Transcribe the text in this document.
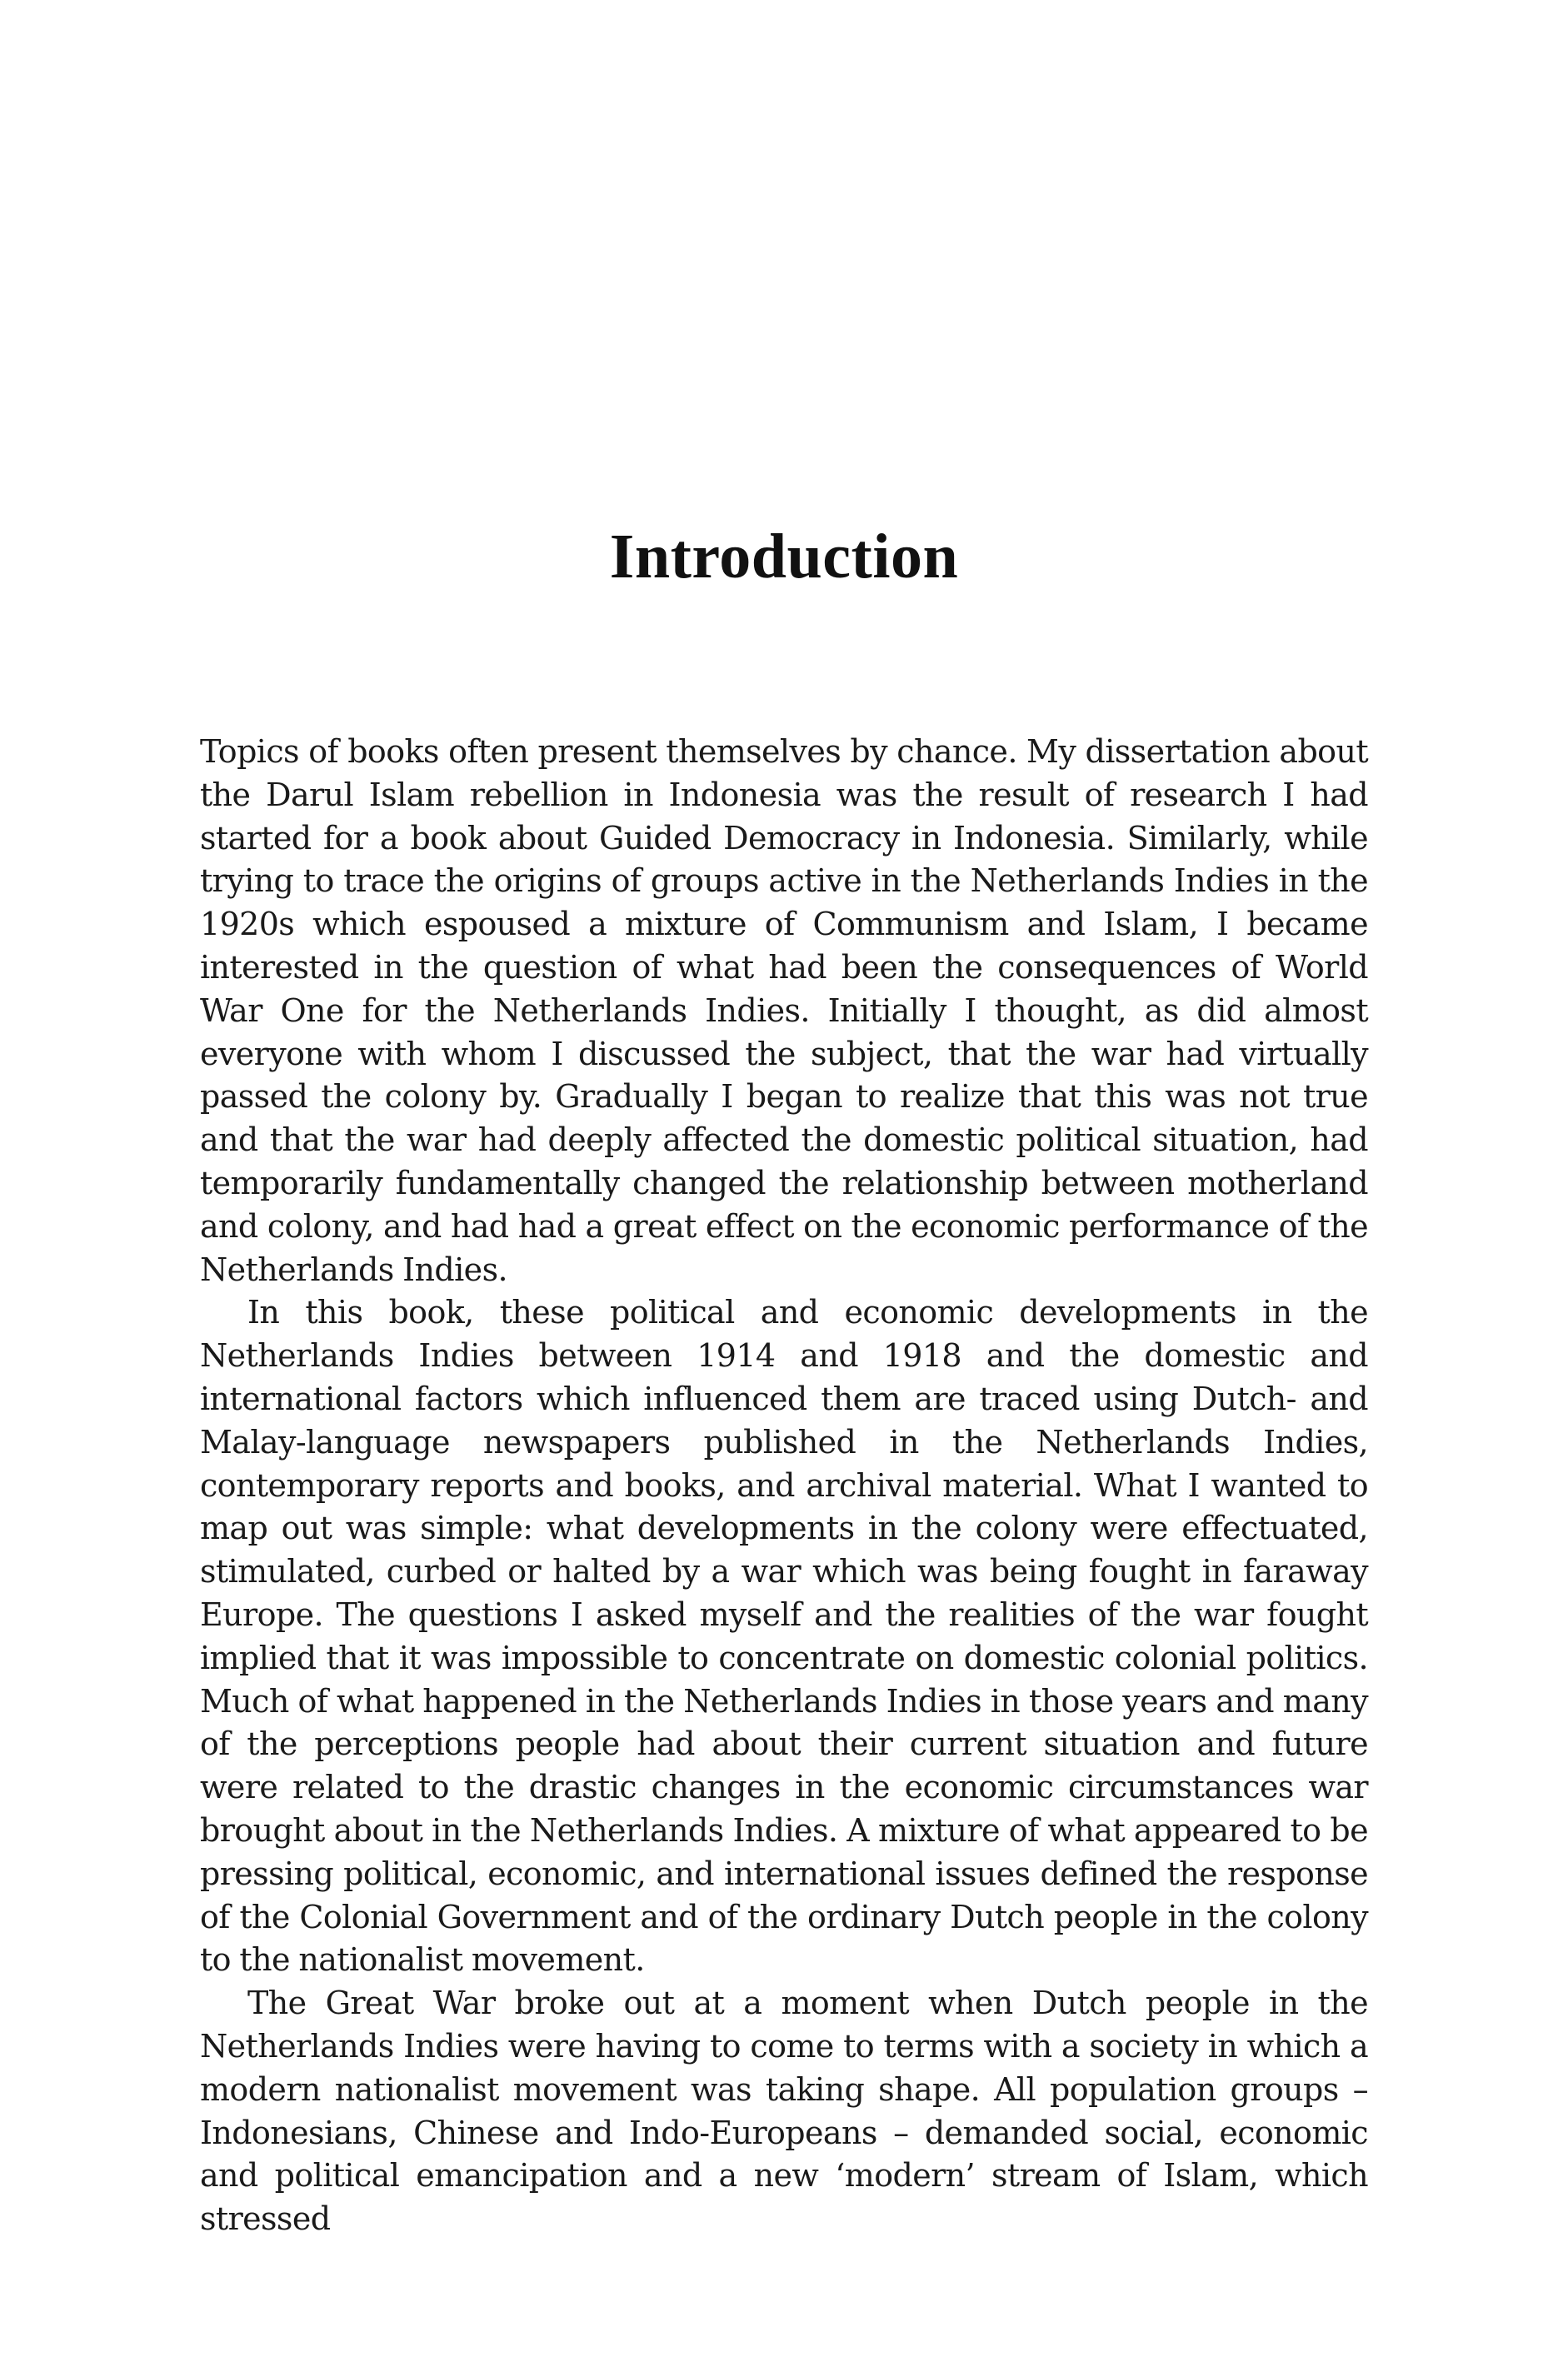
Introduction

Topics of books often present themselves by chance. My dissertation about the Darul Islam rebellion in Indonesia was the result of research I had started for a book about Guided Democracy in Indonesia. Similarly, while trying to trace the origins of groups active in the Netherlands Indies in the 1920s which espoused a mixture of Communism and Islam, I became interested in the question of what had been the consequences of World War One for the Netherlands Indies. Initially I thought, as did almost everyone with whom I discussed the subject, that the war had virtually passed the colony by. Gradually I began to realize that this was not true and that the war had deeply affected the domestic political situation, had temporarily fundamentally changed the relationship between motherland and colony, and had had a great effect on the economic performance of the Netherlands Indies.

In this book, these political and economic developments in the Netherlands Indies between 1914 and 1918 and the domestic and international factors which influenced them are traced using Dutch- and Malay-language newspapers published in the Netherlands Indies, contemporary reports and books, and archival material. What I wanted to map out was simple: what developments in the colony were effectuated, stimulated, curbed or halted by a war which was being fought in faraway Europe. The questions I asked myself and the realities of the war fought implied that it was impossible to concentrate on domestic colonial politics. Much of what happened in the Netherlands Indies in those years and many of the perceptions people had about their current situation and future were related to the drastic changes in the economic circumstances war brought about in the Netherlands Indies. A mixture of what appeared to be pressing political, economic, and international issues defined the response of the Colonial Government and of the ordinary Dutch people in the colony to the nationalist movement.

The Great War broke out at a moment when Dutch people in the Netherlands Indies were having to come to terms with a society in which a modern nationalist movement was taking shape. All population groups – Indonesians, Chinese and Indo-Europeans – demanded social, economic and political emancipation and a new ‘modern’ stream of Islam, which stressed
